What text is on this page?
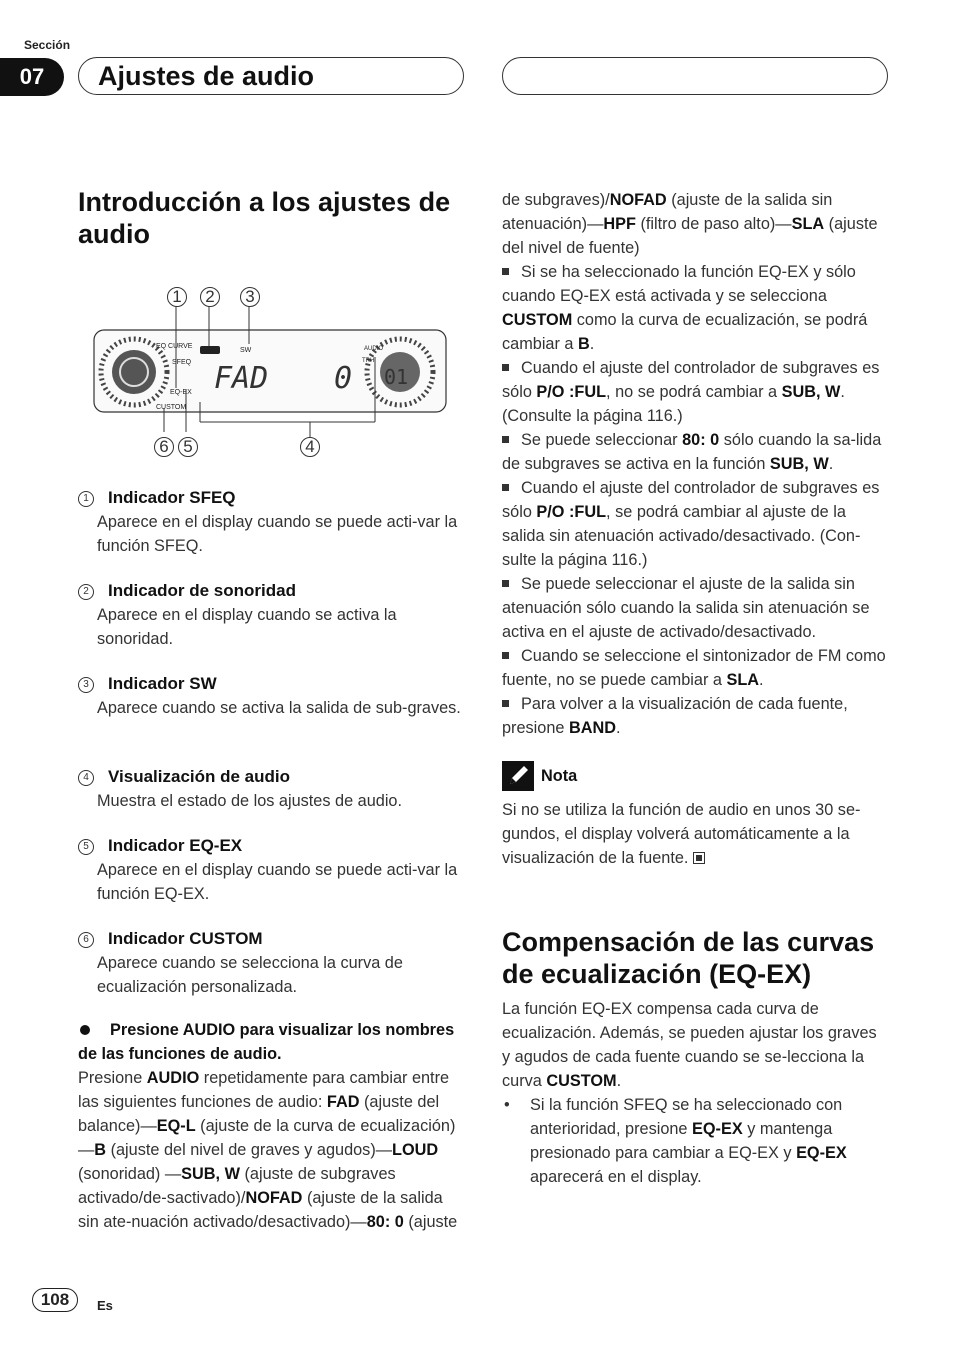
Sección
07	Ajustes de audio
Introducción a los ajustes de audio
EQ CURVE
SFEQ
EQ-EX
CUSTOM
SW	AUDIO
TRH
FAD 0 01
1	2	3
6 5	4
1 Indicador SFEQ
Aparece en el display cuando se puede acti-var la función SFEQ.
2 Indicador de sonoridad
Aparece en el display cuando se activa la sonoridad.
3 Indicador SW
Aparece cuando se activa la salida de sub-graves.
4 Visualización de audio
Muestra el estado de los ajustes de audio.
5 Indicador EQ-EX
Aparece en el display cuando se puede acti-var la función EQ-EX.
6 Indicador CUSTOM
Aparece cuando se selecciona la curva de ecualización personalizada.
Presione AUDIO para visualizar los nombres de las funciones de audio.
Presione AUDIO repetidamente para cambiar entre las siguientes funciones de audio: FAD (ajuste del balance)—EQ-L (ajuste de la curva de ecualización)—B (ajuste del nivel de graves y agudos)—LOUD (sonoridad) —SUB, W (ajuste de subgraves activado/de-sactivado)/NOFAD (ajuste de la salida sin ate-nuación activado/desactivado)—80: 0 (ajuste
de subgraves)/NOFAD (ajuste de la salida sin atenuación)—HPF (filtro de paso alto)—SLA (ajuste del nivel de fuente)
Si se ha seleccionado la función EQ-EX y sólo cuando EQ-EX está activada y se selecciona CUSTOM como la curva de ecualización, se podrá cambiar a B.
Cuando el ajuste del controlador de subgraves es sólo P/O :FUL, no se podrá cambiar a SUB, W. (Consulte la página 116.)
Se puede seleccionar 80: 0 sólo cuando la sa-lida de subgraves se activa en la función SUB, W.
Cuando el ajuste del controlador de subgraves es sólo P/O :FUL, se podrá cambiar al ajuste de la salida sin atenuación activado/desactivado. (Con-sulte la página 116.)
Se puede seleccionar el ajuste de la salida sin atenuación sólo cuando la salida sin atenuación se activa en el ajuste de activado/desactivado.
Cuando se seleccione el sintonizador de FM como fuente, no se puede cambiar a SLA.
Para volver a la visualización de cada fuente, presione BAND.
Nota
Si no se utiliza la función de audio en unos 30 se-gundos, el display volverá automáticamente a la visualización de la fuente.
Compensación de las curvas de ecualización (EQ-EX)
La función EQ-EX compensa cada curva de ecualización. Además, se pueden ajustar los graves y agudos de cada fuente cuando se se-lecciona la curva CUSTOM.
•	Si la función SFEQ se ha seleccionado con anterioridad, presione EQ-EX y mantenga presionado para cambiar a EQ-EX y EQ-EX aparecerá en el display.
108	Es
